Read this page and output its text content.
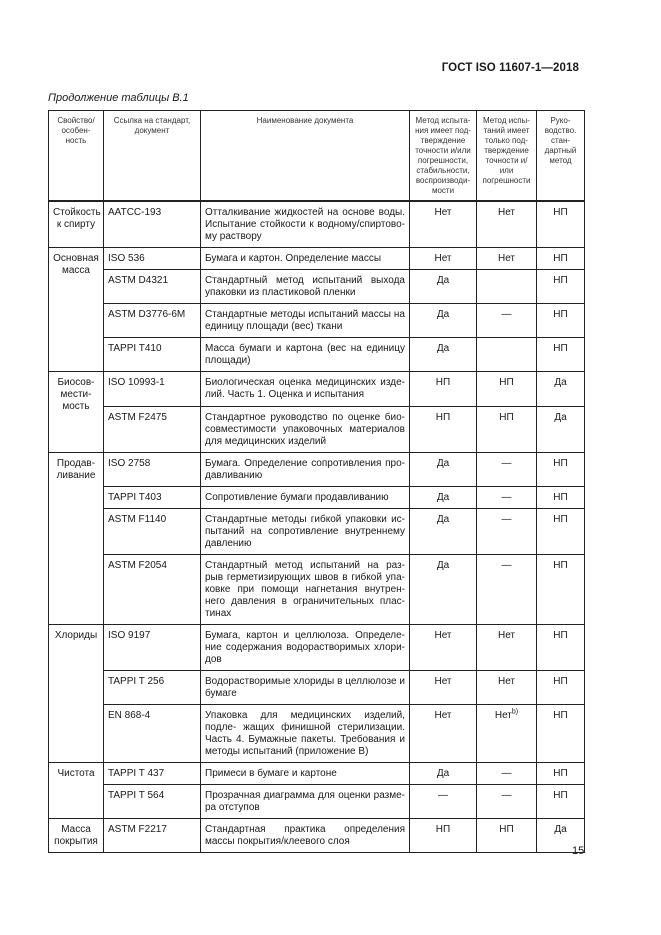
ГОСТ ISO 11607-1—2018
Продолжение таблицы В.1
Свойство/ особен- ность	Ссылка на стандарт, документ	Наименование документа	Метод испыта- ния имеет под- тверждение точности и/или погрешности, стабильности, воспроизводи- мости	Метод испы- таний имеет только под- тверждение точности и/или погрешности	Руко- водство. стан- дартный метод
Стойкость к спирту	AATCC-193	Отталкивание жидкостей на основе воды. Испытание стойкости к водному/спиртово- му раствору	Нет	Нет	НП
Основная масса	ISO 536	Бумага и картон. Определение массы	Нет	Нет	НП
	ASTM D4321	Стандартный метод испытаний выхода упаковки из пластиковой пленки	Да		НП
	ASTM D3776-6M	Стандартные методы испытаний массы на единицу площади (вес) ткани	Да	—	НП
	TAPPI T410	Масса бумаги и картона (вес на единицу площади)	Да		НП
Биосов- мести- мость	ISO 10993-1	Биологическая оценка медицинских изде- лий. Часть 1. Оценка и испытания	НП	НП	Да
	ASTM F2475	Стандартное руководство по оценке био- совместимости упаковочных материалов для медицинских изделий	НП	НП	Да
Продав- ливание	ISO 2758	Бумага. Определение сопротивления про- давливанию	Да	—	НП
	TAPPI T403	Сопротивление бумаги продавливанию	Да	—	НП
	ASTM F1140	Стандартные методы гибкой упаковки ис- пытаний на сопротивление внутреннему давлению	Да	—	НП
	ASTM F2054	Стандартный метод испытаний на раз- рыв герметизирующих швов в гибкой упа- ковке при помощи нагнетания внутрен- него давления в ограничительных плас- тинах	Да	—	НП
Хлориды	ISO 9197	Бумага, картон и целлюлоза. Определе- ние содержания водорастворимых хлори- дов	Нет	Нет	НП
	TAPPI T 256	Водорастворимые хлориды в целлюлозе и бумаге	Нет	Нет	НП
	EN 868-4	Упаковка для медицинских изделий, подле- жащих финишной стерилизации. Часть 4. Бумажные пакеты. Требования и методы испытаний (приложение В)	Нет	Нет$^{b)}$	НП
Чистота	TAPPI T 437	Примеси в бумаге и картоне	Да	—	НП
	TAPPI T 564	Прозрачная диаграмма для оценки разме- ра отступов	—	—	НП
Масса покрытия	ASTM F2217	Стандартная практика определения массы покрытия/клеевого слоя	НП	НП	Да
15
